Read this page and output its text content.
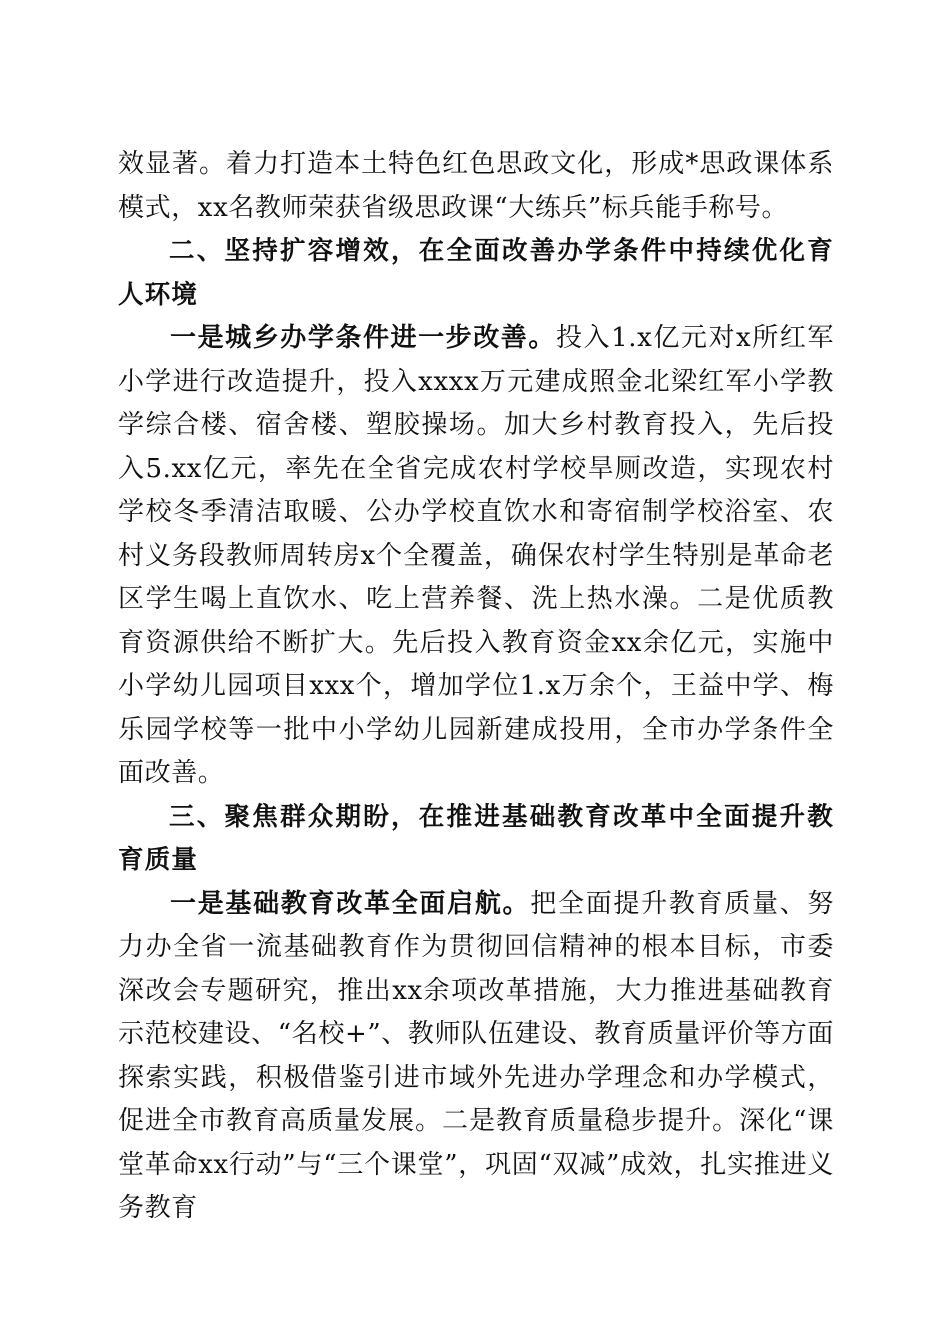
效显著。着力打造本土特色红色思政文化，形成*思政课体系模式，xx名教师荣获省级思政课“大练兵”标兵能手称号。

二、坚持扩容增效，在全面改善办学条件中持续优化育人环境

一是城乡办学条件进一步改善。投入1.x亿元对x所红军小学进行改造提升，投入xxxx万元建成照金北梁红军小学教学综合楼、宿舍楼、塑胶操场。加大乡村教育投入，先后投入5.xx亿元，率先在全省完成农村学校旱厕改造，实现农村学校冬季清洁取暖、公办学校直饮水和寄宿制学校浴室、农村义务段教师周转房x个全覆盖，确保农村学生特别是革命老区学生喝上直饮水、吃上营养餐、洗上热水澡。二是优质教育资源供给不断扩大。先后投入教育资金xx余亿元，实施中小学幼儿园项目xxx个，增加学位1.x万余个，王益中学、梅乐园学校等一批中小学幼儿园新建成投用，全市办学条件全面改善。

三、聚焦群众期盼，在推进基础教育改革中全面提升教育质量

一是基础教育改革全面启航。把全面提升教育质量、努力办全省一流基础教育作为贯彻回信精神的根本目标，市委深改会专题研究，推出xx余项改革措施，大力推进基础教育示范校建设、“名校+”、教师队伍建设、教育质量评价等方面探索实践，积极借鉴引进市域外先进办学理念和办学模式，促进全市教育高质量发展。二是教育质量稳步提升。深化“课堂革命xx行动”与“三个课堂”，巩固“双减”成效，扎实推进义务教育
